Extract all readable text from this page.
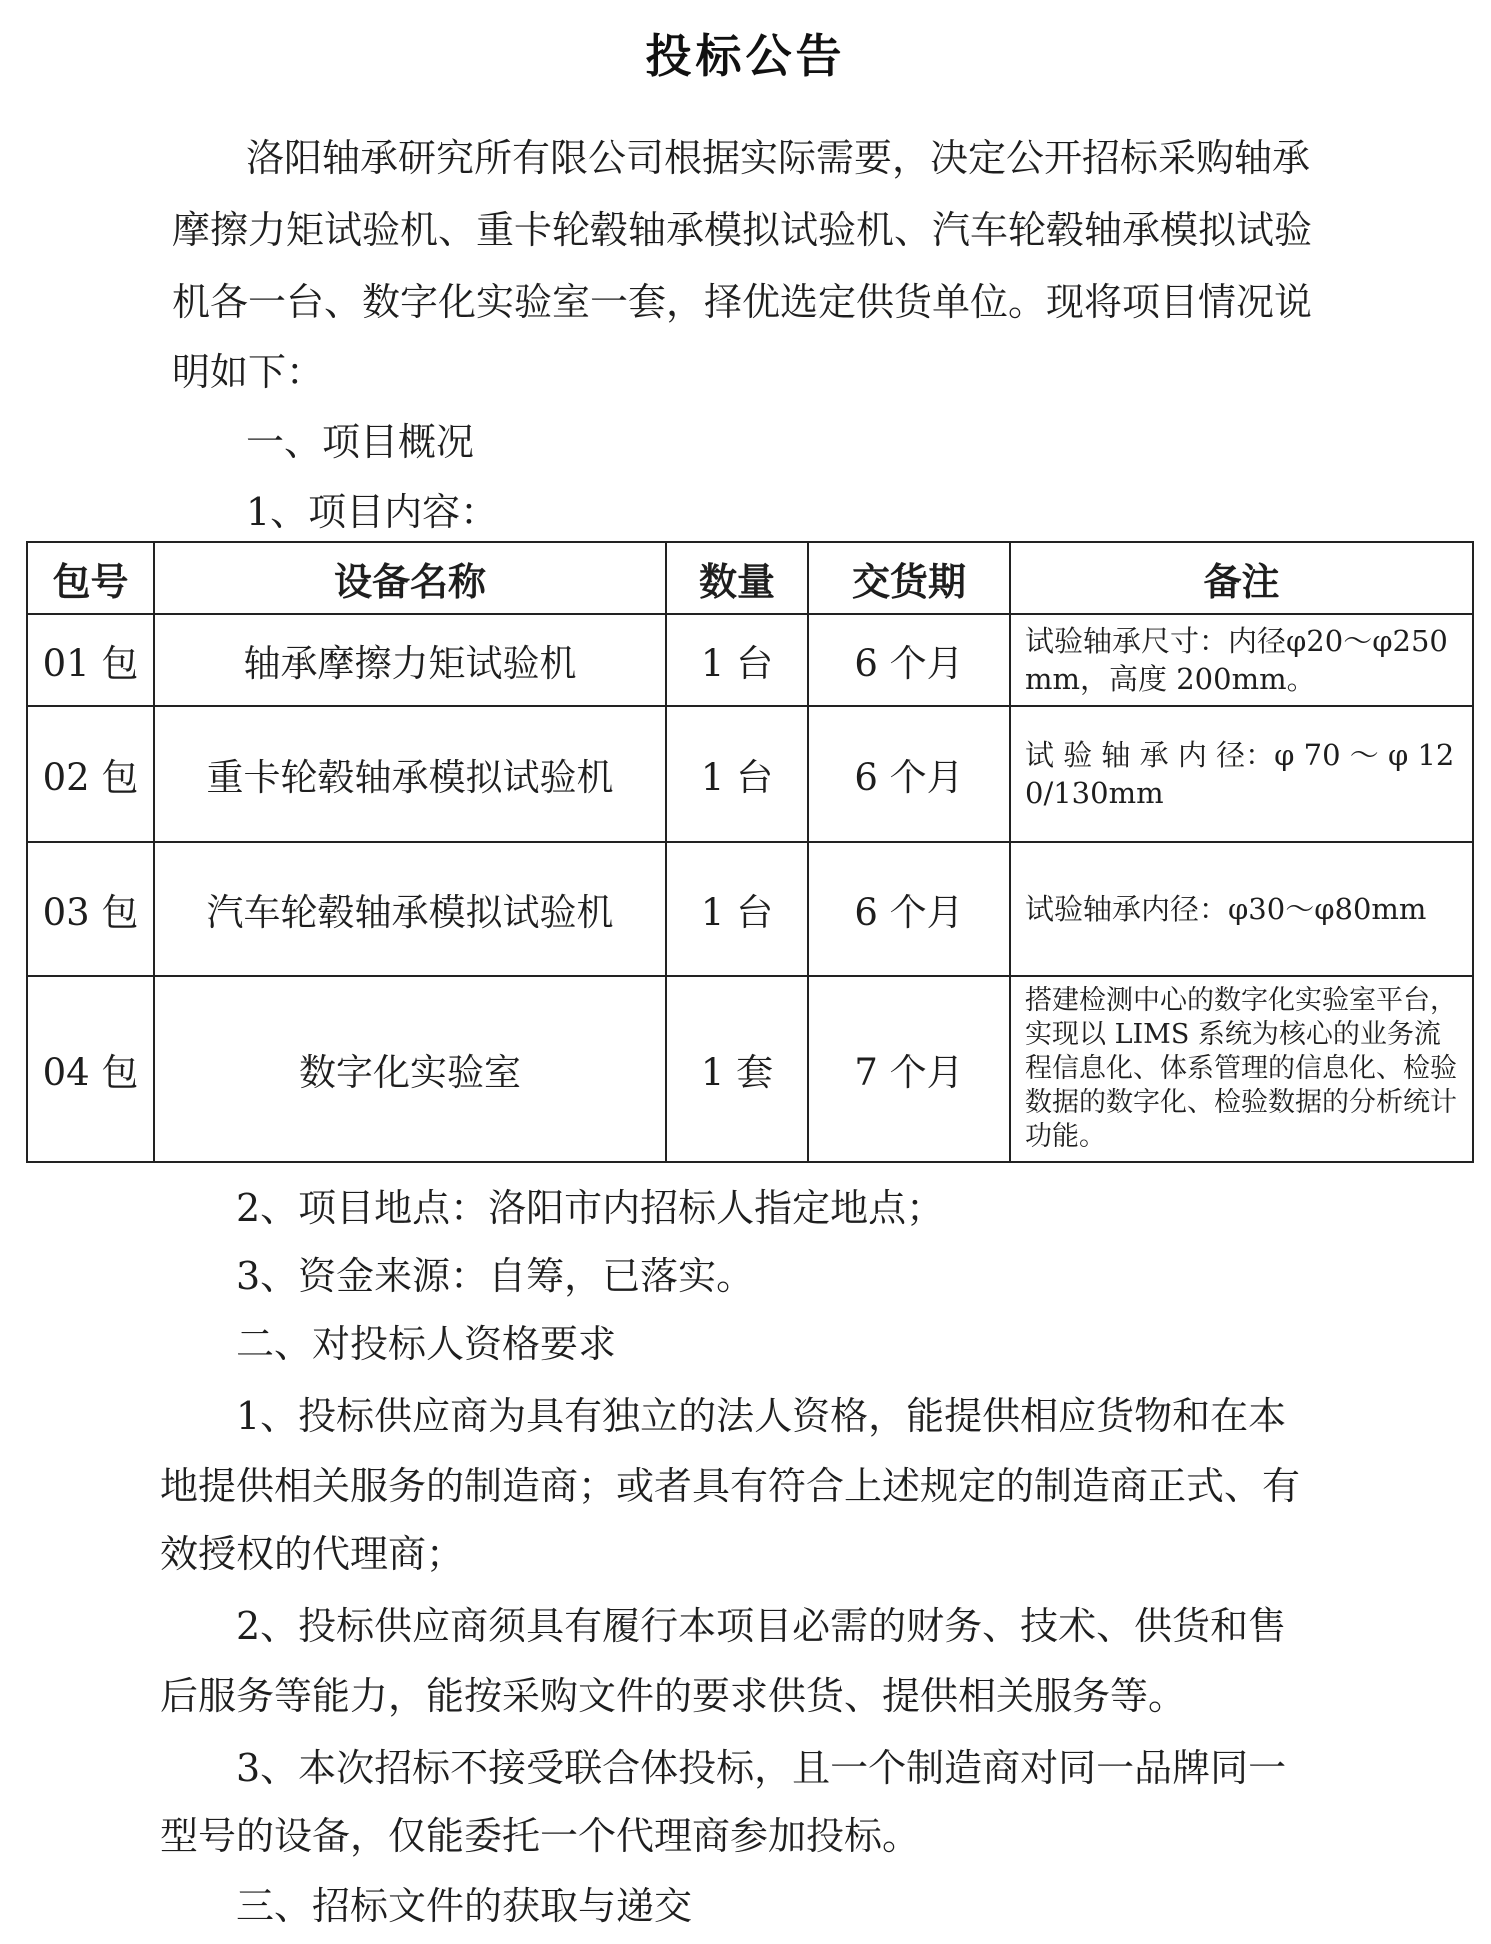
投标公告
洛阳轴承研究所有限公司根据实际需要，决定公开招标采购轴承
摩擦力矩试验机、重卡轮毂轴承模拟试验机、汽车轮毂轴承模拟试验
机各一台、数字化实验室一套，择优选定供货单位。现将项目情况说
明如下：
一、项目概况
1、项目内容：
包号	设备名称	数量	交货期	备注
01 包	轴承摩擦力矩试验机	1 台	6 个月	试验轴承尺寸：内径φ20～φ250mm，高度 200mm。
02 包	重卡轮毂轴承模拟试验机	1 台	6 个月	试 验 轴 承 内 径：φ 70 ～ φ 120/130mm
03 包	汽车轮毂轴承模拟试验机	1 台	6 个月	试验轴承内径：φ30～φ80mm
04 包	数字化实验室	1 套	7 个月	搭建检测中心的数字化实验室平台，实现以 LIMS 系统为核心的业务流程信息化、体系管理的信息化、检验数据的数字化、检验数据的分析统计功能。
2、项目地点：洛阳市内招标人指定地点；
3、资金来源：自筹，已落实。
二、对投标人资格要求
1、投标供应商为具有独立的法人资格，能提供相应货物和在本
地提供相关服务的制造商；或者具有符合上述规定的制造商正式、有
效授权的代理商；
2、投标供应商须具有履行本项目必需的财务、技术、供货和售
后服务等能力，能按采购文件的要求供货、提供相关服务等。
3、本次招标不接受联合体投标，且一个制造商对同一品牌同一
型号的设备，仅能委托一个代理商参加投标。
三、招标文件的获取与递交
